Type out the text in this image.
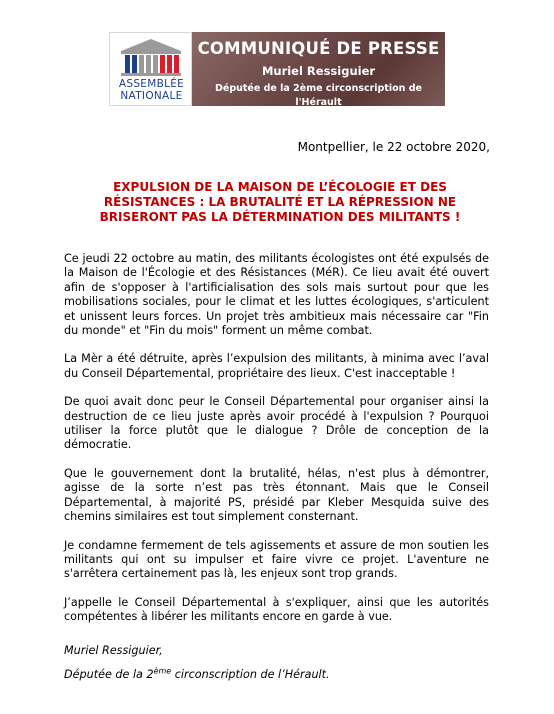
ASSEMBLÉE
NATIONALE
COMMUNIQUÉ DE PRESSE
Muriel Ressiguier
Députée de la 2ème circonscription de l'Hérault
Montpellier, le 22 octobre 2020,
EXPULSION DE LA MAISON DE L’ÉCOLOGIE ET DES RÉSISTANCES : LA BRUTALITÉ ET LA RÉPRESSION NE BRISERONT PAS LA DÉTERMINATION DES MILITANTS !

Ce jeudi 22 octobre au matin, des militants écologistes ont été expulsés de la Maison de l'Écologie et des Résistances (MéR). Ce lieu avait été ouvert afin de s'opposer à l'artificialisation des sols mais surtout pour que les mobilisations sociales, pour le climat et les luttes écologiques, s'articulent et unissent leurs forces. Un projet très ambitieux mais nécessaire car "Fin du monde" et "Fin du mois" forment un même combat.

La Mèr a été détruite, après l’expulsion des militants, à minima avec l’aval du Conseil Départemental, propriétaire des lieux. C'est inacceptable !

De quoi avait donc peur le Conseil Départemental pour organiser ainsi la destruction de ce lieu juste après avoir procédé à l'expulsion ? Pourquoi utiliser la force plutôt que le dialogue ? Drôle de conception de la démocratie.

Que le gouvernement dont la brutalité, hélas, n'est plus à démontrer, agisse de la sorte n’est pas très étonnant. Mais que le Conseil Départemental, à majorité PS, présidé par Kleber Mesquida suive des chemins similaires est tout simplement consternant.

Je condamne fermement de tels agissements et assure de mon soutien les militants qui ont su impulser et faire vivre ce projet. L'aventure ne s'arrêtera certainement pas là, les enjeux sont trop grands.

J’appelle le Conseil Départemental à s'expliquer, ainsi que les autorités compétentes à libérer les militants encore en garde à vue.

Muriel Ressiguier,
Députée de la 2ème circonscription de l’Hérault.
